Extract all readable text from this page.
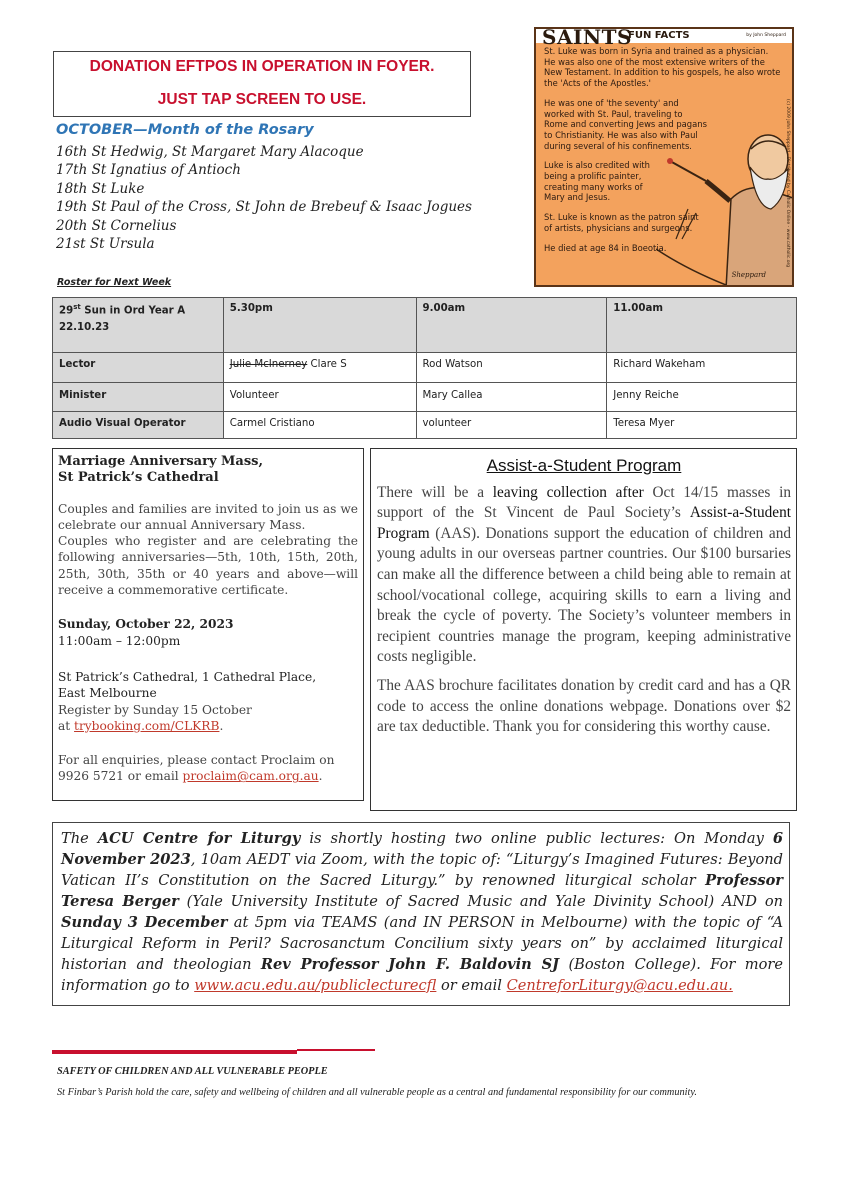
DONATION EFTPOS IN OPERATION IN FOYER.
JUST TAP SCREEN TO USE.
SAINTS
FUN FACTS	by John Sheppard

St. Luke was born in Syria and trained as a physician. He was also one of the most extensive writers of the New Testament. In addition to his gospels, he also wrote the 'Acts of the Apostles.'

He was one of 'the seventy' and worked with St. Paul, traveling to Rome and converting Jews and pagans to Christianity. He was also with Paul during several of his confinements.

Luke is also credited with being a prolific painter, creating many works of Mary and Jesus.

St. Luke is known as the patron saint of artists, physicians and surgeons.

He died at age 84 in Boeotia.	(c) 2009 John Sheppard - Distributed by Catholic Online - www.catholic.org
Sheppard
OCTOBER—Month of the Rosary
16th St Hedwig, St Margaret Mary Alacoque
17th St Ignatius of Antioch
18th St Luke
19th St Paul of the Cross, St John de Brebeuf & Isaac Jogues
20th St Cornelius
21st St Ursula
Roster for Next Week
29st Sun in Ord Year A
22.10.23	5.30pm	9.00am	11.00am
Lector	Julie McInerney Clare S	Rod Watson	Richard Wakeham
Minister	Volunteer	Mary Callea	Jenny Reiche
Audio Visual Operator	Carmel Cristiano	volunteer	Teresa Myer
Marriage Anniversary Mass,
St Patrick’s Cathedral
Couples and families are invited to join us as we celebrate our annual Anniversary Mass.
Couples who register and are celebrating the following anniversaries—5th, 10th, 15th, 20th, 25th, 30th, 35th or 40 years and above—will receive a commemorative certificate.
Sunday, October 22, 2023
11:00am – 12:00pm
St Patrick’s Cathedral, 1 Cathedral Place,
East Melbourne
Register by Sunday 15 October
at trybooking.com/CLKRB.
For all enquiries, please contact Proclaim on 9926 5721 or email proclaim@cam.org.au.
Assist-a-Student Program
There will be a leaving collection after Oct 14/15 masses in support of the St Vincent de Paul Society’s Assist-a-Student Program (AAS). Donations support the education of children and young adults in our overseas partner countries. Our $100 bursaries can make all the difference between a child being able to remain at school/vocational college, acquiring skills to earn a living and break the cycle of poverty. The Society’s volunteer members in recipient countries manage the program, keeping administrative costs negligible.
The AAS brochure facilitates donation by credit card and has a QR code to access the online donations webpage. Donations over $2 are tax deductible. Thank you for considering this worthy cause.
The ACU Centre for Liturgy is shortly hosting two online public lectures: On Monday 6 November 2023, 10am AEDT via Zoom, with the topic of: “Liturgy’s Imagined Futures: Beyond Vatican II’s Constitution on the Sacred Liturgy.” by renowned liturgical scholar Professor Teresa Berger (Yale University Institute of Sacred Music and Yale Divinity School) AND on Sunday 3 December at 5pm via TEAMS (and IN PERSON in Melbourne) with the topic of “A Liturgical Reform in Peril? Sacrosanctum Concilium sixty years on” by acclaimed liturgical historian and theologian Rev Professor John F. Baldovin SJ (Boston College). For more information go to www.acu.edu.au/publiclecturecfl or email CentreforLiturgy@acu.edu.au.
SAFETY OF CHILDREN AND ALL VULNERABLE PEOPLE
St Finbar’s Parish hold the care, safety and wellbeing of children and all vulnerable people as a central and fundamental responsibility for our community.
